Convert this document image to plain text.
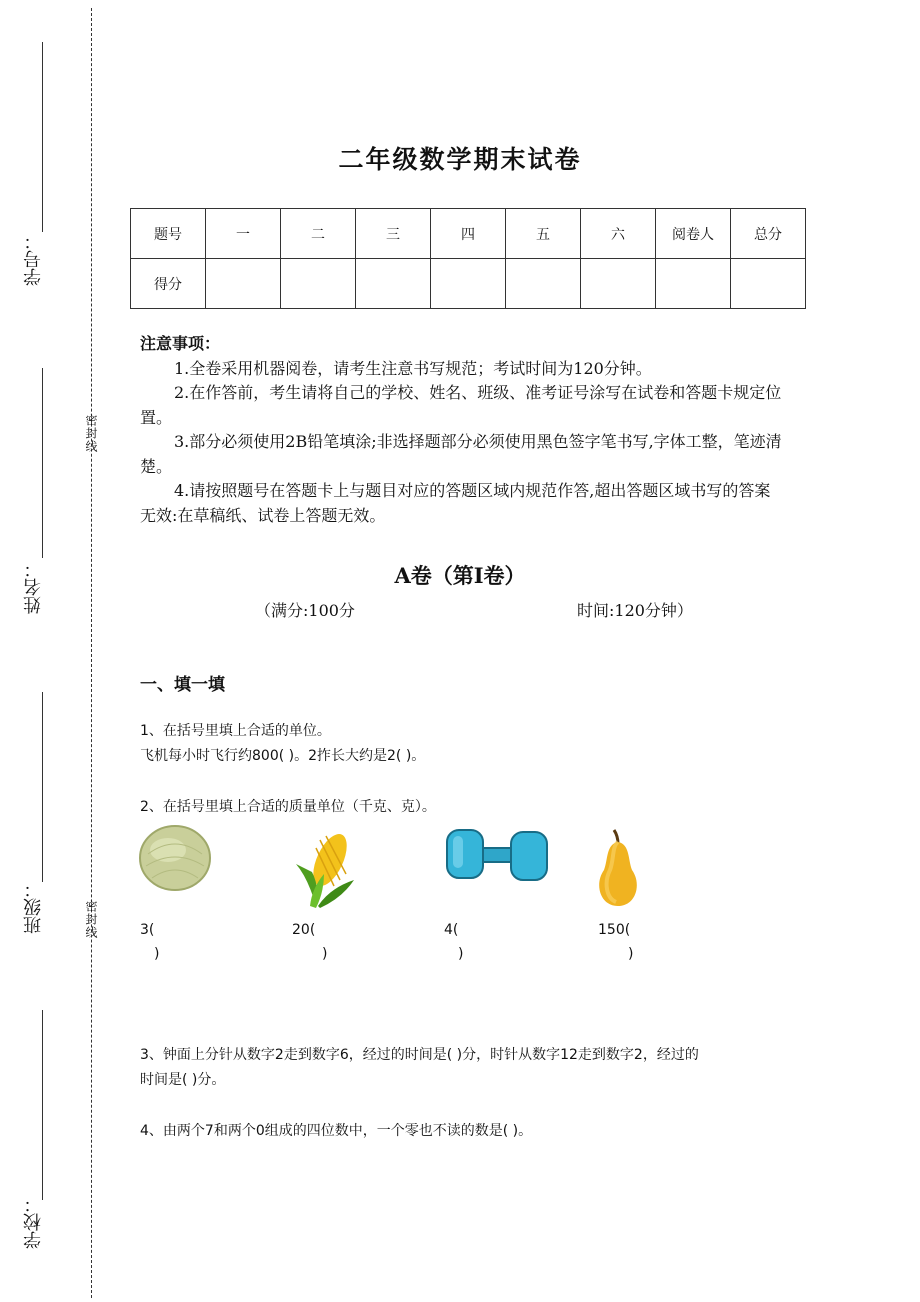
学号：
姓名：
班级：
学校：
密封线
密封线
二年级数学期末试卷
题号	一	二	三	四	五	六	阅卷人	总分
得分								

注意事项：

1.全卷采用机器阅卷，请考生注意书写规范；考试时间为120分钟。

2.在作答前，考生请将自己的学校、姓名、班级、准考证号涂写在试卷和答题卡规定位置。

3.部分必须使用2B铅笔填涂;非选择题部分必须使用黑色签字笔书写,字体工整，笔迹清楚。

4.请按照题号在答题卡上与题目对应的答题区域内规范作答,超出答题区域书写的答案无效:在草稿纸、试卷上答题无效。

A卷（第I卷）
（满分:100分	时间:120分钟）
一、填一填
1、在括号里填上合适的单位。
飞机每小时飞行约800( )。2拃长大约是2( )。
2、在括号里填上合适的质量单位（千克、克）。
3(
)
20(
)
4(
)
150(
)
3、钟面上分针从数字2走到数字6，经过的时间是( )分，时针从数字12走到数字2，经过的
时间是( )分。
4、由两个7和两个0组成的四位数中，一个零也不读的数是( )。
